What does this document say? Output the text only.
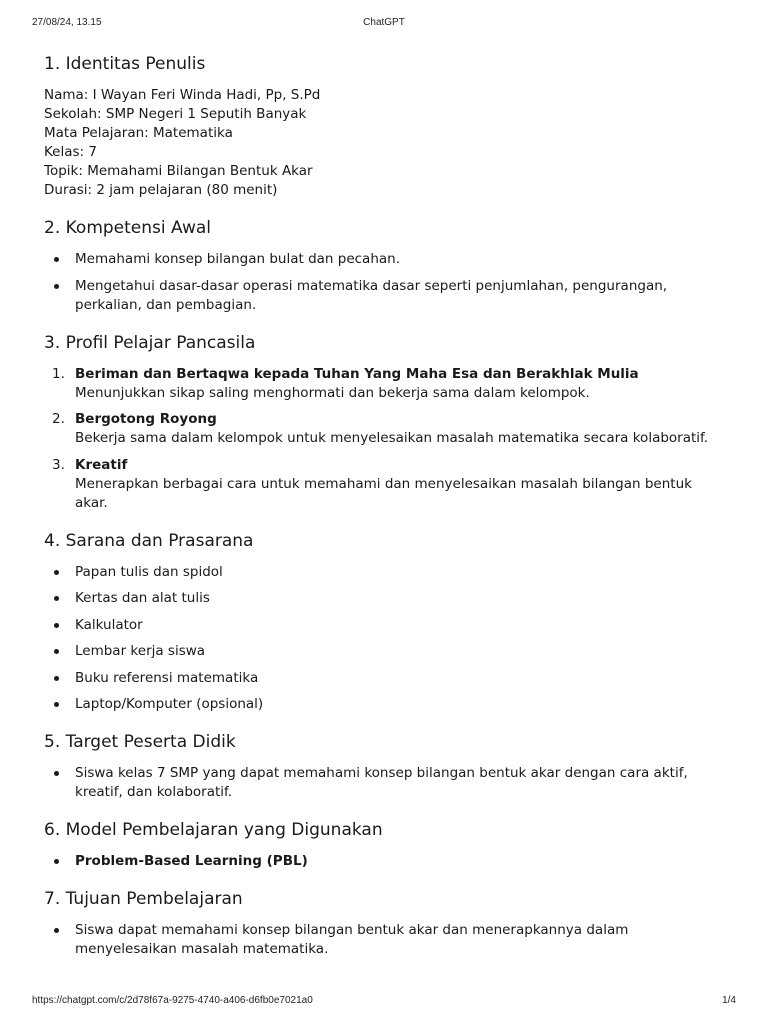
27/08/24, 13.15	ChatGPT
1. Identitas Penulis

Nama: I Wayan Feri Winda Hadi, Pp, S.Pd

Sekolah: SMP Negeri 1 Seputih Banyak

Mata Pelajaran: Matematika

Kelas: 7

Topik: Memahami Bilangan Bentuk Akar

Durasi: 2 jam pelajaran (80 menit)

2. Kompetensi Awal
Memahami konsep bilangan bulat dan pecahan.
Mengetahui dasar-dasar operasi matematika dasar seperti penjumlahan, pengurangan, perkalian, dan pembagian.
3. Profil Pelajar Pancasila
1. Beriman dan Bertaqwa kepada Tuhan Yang Maha Esa dan Berakhlak Mulia
Menunjukkan sikap saling menghormati dan bekerja sama dalam kelompok.
2. Bergotong Royong
Bekerja sama dalam kelompok untuk menyelesaikan masalah matematika secara kolaboratif.
3. Kreatif
Menerapkan berbagai cara untuk memahami dan menyelesaikan masalah bilangan bentuk akar.
4. Sarana dan Prasarana
Papan tulis dan spidol
Kertas dan alat tulis
Kalkulator
Lembar kerja siswa
Buku referensi matematika
Laptop/Komputer (opsional)
5. Target Peserta Didik
Siswa kelas 7 SMP yang dapat memahami konsep bilangan bentuk akar dengan cara aktif, kreatif, dan kolaboratif.
6. Model Pembelajaran yang Digunakan
Problem-Based Learning (PBL)
7. Tujuan Pembelajaran
Siswa dapat memahami konsep bilangan bentuk akar dan menerapkannya dalam menyelesaikan masalah matematika.
https://chatgpt.com/c/2d78f67a-9275-4740-a406-d6fb0e7021a0	1/4
